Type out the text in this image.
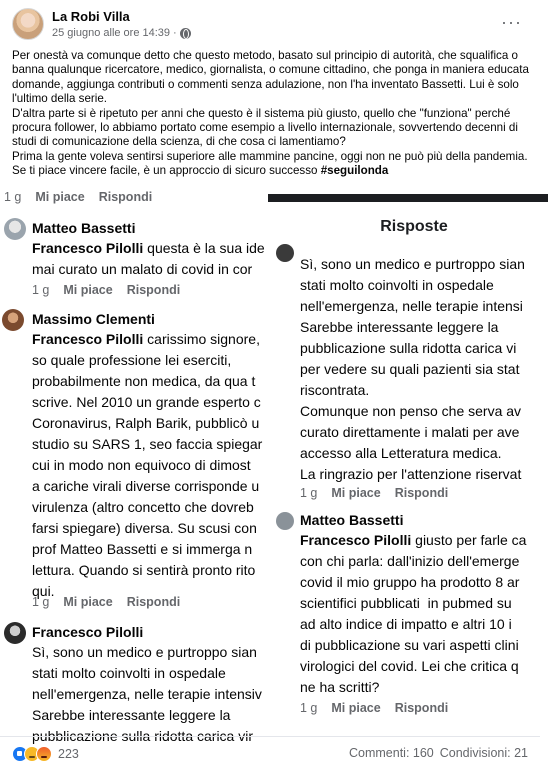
La Robi Villa
25 giugno alle ore 14:39 ·
···

Per onestà va comunque detto che questo metodo, basato sul principio di autorità, che squalifica o banna qualunque ricercatore, medico, giornalista, o comune cittadino, che ponga in maniera educata domande, aggiunga contributi o commenti senza adulazione, non l'ha inventato Bassetti. Lui è solo l'ultimo della serie.

D'altra parte si è ripetuto per anni che questo è il sistema più giusto, quello che "funziona" perché procura follower, lo abbiamo portato come esempio a livello internazionale, sovvertendo decenni di studi di comunicazione della scienza, di che cosa ci lamentiamo?

Prima la gente voleva sentirsi superiore alle mammine pancine, oggi non ne può più della pandemia. Se ti piace vincere facile, è un approccio di sicuro successo #seguilonda

1 g Mi piace Rispondi
Matteo Bassetti
Francesco Pilolli questa è la sua ide
mai curato un malato di covid in cor
1 g Mi piace Rispondi
Massimo Clementi
Francesco Pilolli carissimo signore,
so quale professione lei eserciti,
probabilmente non medica, da qua t
scrive. Nel 2010 un grande esperto c
Coronavirus, Ralph Barik, pubblicò u
studio su SARS 1, seo faccia spiegar
cui in modo non equivoco di dimost
a cariche virali diverse corrisponde u
virulenza (altro concetto che dovreb
farsi spiegare) diversa. Su scusi con
prof Matteo Bassetti e si immerga n
lettura. Quando si sentirà pronto rito
qui.
1 g Mi piace Rispondi
Francesco Pilolli
Sì, sono un medico e purtroppo sian
stati molto coinvolti in ospedale
nell'emergenza, nelle terapie intensiv
Sarebbe interessante leggere la
pubblicazione sulla ridotta carica vir
Risposte
Sì, sono un medico e purtroppo sian
stati molto coinvolti in ospedale
nell'emergenza, nelle terapie intensi
Sarebbe interessante leggere la
pubblicazione sulla ridotta carica vi
per vedere su quali pazienti sia stat
riscontrata.
Comunque non penso che serva av
curato direttamente i malati per ave
accesso alla Letteratura medica.
La ringrazio per l'attenzione riservat
1 g Mi piace Rispondi
Matteo Bassetti
Francesco Pilolli giusto per farle ca
con chi parla: dall'inizio dell'emerge
covid il mio gruppo ha prodotto 8 ar
scientifici pubblicati  in pubmed su
ad alto indice di impatto e altri 10 i
di pubblicazione su vari aspetti clini
virologici del covid. Lei che critica q
ne ha scritti?
1 g Mi piace Rispondi
223	Commenti: 160 Condivisioni: 21
